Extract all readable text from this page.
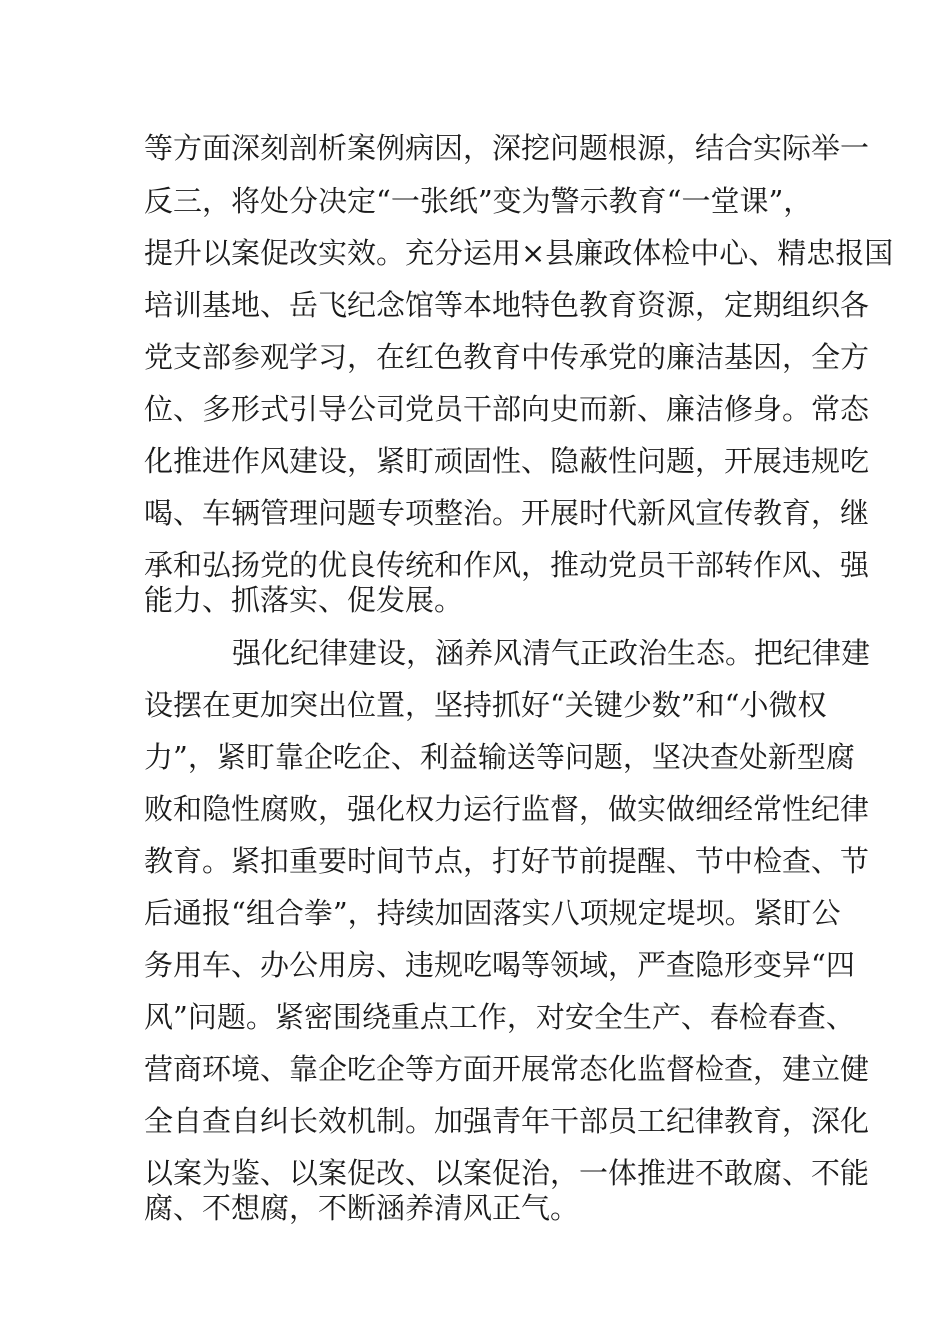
等方面深刻剖析案例病因，深挖问题根源，结合实际举一

反三，将处分决定“一张纸”变为警示教育“一堂课”，

提升以案促改实效。充分运用×县廉政体检中心、精忠报国

培训基地、岳飞纪念馆等本地特色教育资源，定期组织各

党支部参观学习，在红色教育中传承党的廉洁基因，全方

位、多形式引导公司党员干部向史而新、廉洁修身。常态

化推进作风建设，紧盯顽固性、隐蔽性问题，开展违规吃

喝、车辆管理问题专项整治。开展时代新风宣传教育，继

承和弘扬党的优良传统和作风，推动党员干部转作风、强

能力、抓落实、促发展。

强化纪律建设，涵养风清气正政治生态。把纪律建

设摆在更加突出位置，坚持抓好“关键少数”和“小微权

力”，紧盯靠企吃企、利益输送等问题，坚决查处新型腐

败和隐性腐败，强化权力运行监督，做实做细经常性纪律

教育。紧扣重要时间节点，打好节前提醒、节中检查、节

后通报“组合拳”，持续加固落实八项规定堤坝。紧盯公

务用车、办公用房、违规吃喝等领域，严查隐形变异“四

风”问题。紧密围绕重点工作，对安全生产、春检春查、

营商环境、靠企吃企等方面开展常态化监督检查，建立健

全自查自纠长效机制。加强青年干部员工纪律教育，深化

以案为鉴、以案促改、以案促治，一体推进不敢腐、不能

腐、不想腐，不断涵养清风正气。
